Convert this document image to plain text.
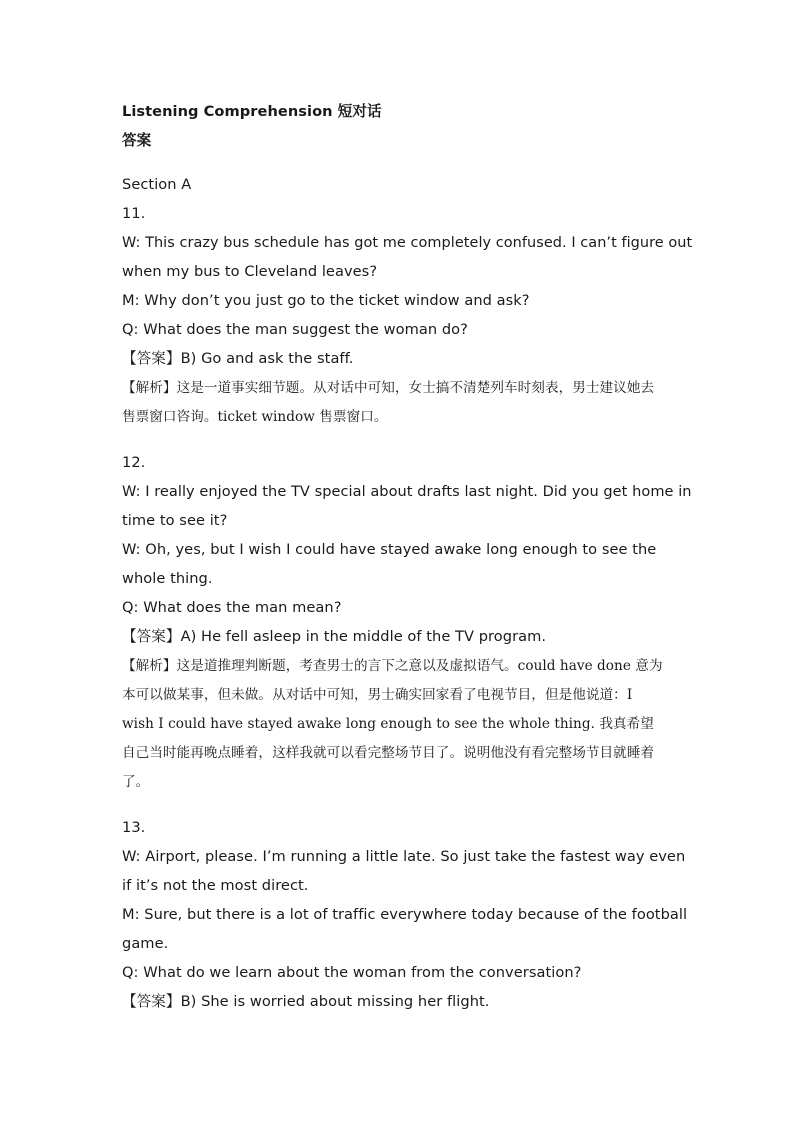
Listening Comprehension 短对话
答案
Section A
11.
W: This crazy bus schedule has got me completely confused. I can’t figure out
when my bus to Cleveland leaves?
M: Why don’t you just go to the ticket window and ask?
Q: What does the man suggest the woman do?
【答案】B) Go and ask the staff.
【解析】这是一道事实细节题。从对话中可知，女士搞不清楚列车时刻表，男士建议她去
售票窗口咨询。ticket window 售票窗口。
12.
W: I really enjoyed the TV special about drafts last night. Did you get home in
time to see it?
W: Oh, yes, but I wish I could have stayed awake long enough to see the
whole thing.
Q: What does the man mean?
【答案】A) He fell asleep in the middle of the TV program.
【解析】这是道推理判断题，考查男士的言下之意以及虚拟语气。could have done 意为
本可以做某事，但未做。从对话中可知，男士确实回家看了电视节目，但是他说道：I
wish I could have stayed awake long enough to see the whole thing. 我真希望
自己当时能再晚点睡着，这样我就可以看完整场节目了。说明他没有看完整场节目就睡着
了。
13.
W: Airport, please. I’m running a little late. So just take the fastest way even
if it’s not the most direct.
M: Sure, but there is a lot of traffic everywhere today because of the football
game.
Q: What do we learn about the woman from the conversation?
【答案】B) She is worried about missing her flight.
